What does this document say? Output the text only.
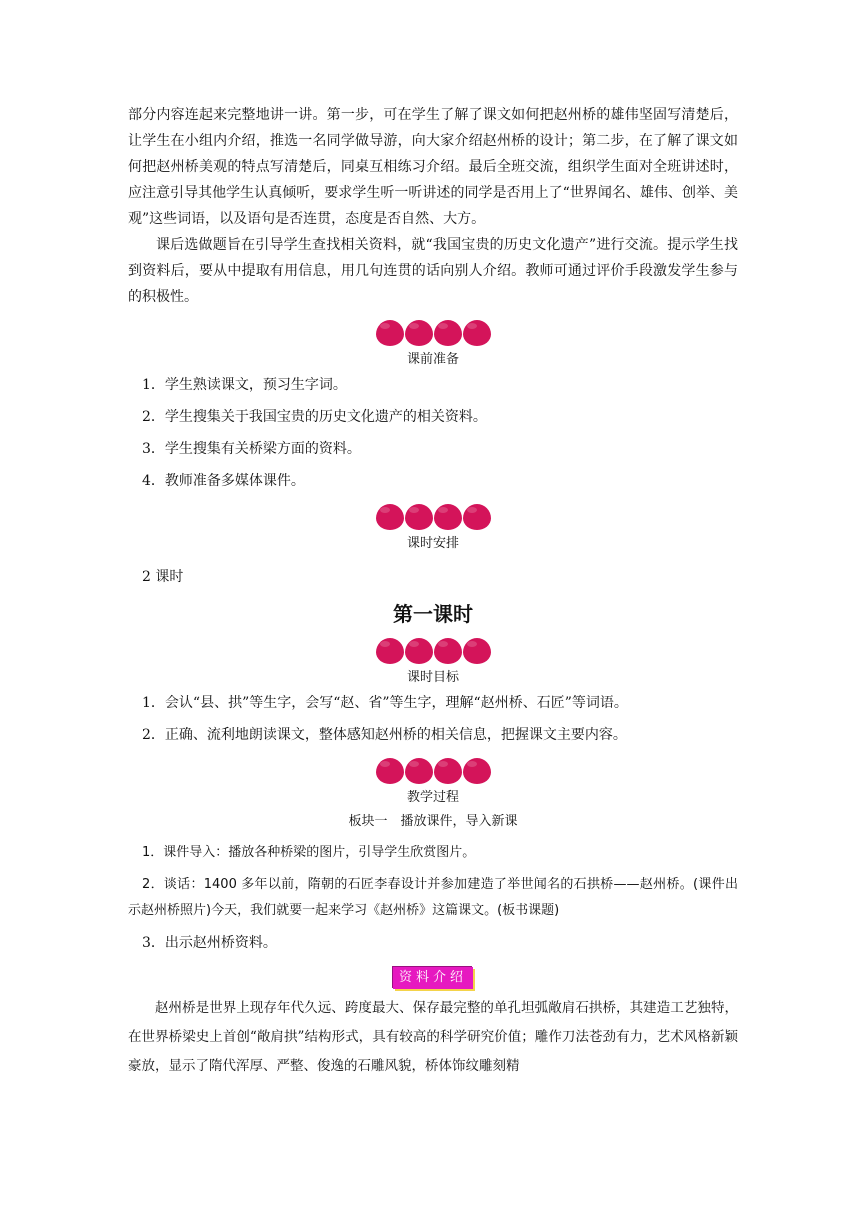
部分内容连起来完整地讲一讲。第一步，可在学生了解了课文如何把赵州桥的雄伟坚固写清楚后，让学生在小组内介绍，推选一名同学做导游，向大家介绍赵州桥的设计；第二步，在了解了课文如何把赵州桥美观的特点写清楚后，同桌互相练习介绍。最后全班交流，组织学生面对全班讲述时，应注意引导其他学生认真倾听，要求学生听一听讲述的同学是否用上了“世界闻名、雄伟、创举、美观”这些词语，以及语句是否连贯，态度是否自然、大方。

课后选做题旨在引导学生查找相关资料，就“我国宝贵的历史文化遗产”进行交流。提示学生找到资料后，要从中提取有用信息，用几句连贯的话向别人介绍。教师可通过评价手段激发学生参与的积极性。

课前准备

1．学生熟读课文，预习生字词。

2．学生搜集关于我国宝贵的历史文化遗产的相关资料。

3．学生搜集有关桥梁方面的资料。

4．教师准备多媒体课件。

课时安排

2 课时

第一课时
课时目标

1．会认“县、拱”等生字，会写“赵、省”等生字，理解“赵州桥、石匠”等词语。

2．正确、流利地朗读课文，整体感知赵州桥的相关信息，把握课文主要内容。

教学过程
板块一　播放课件，导入新课

1．课件导入：播放各种桥梁的图片，引导学生欣赏图片。

2．谈话：1400 多年以前，隋朝的石匠李春设计并参加建造了举世闻名的石拱桥——赵州桥。(课件出示赵州桥照片)今天，我们就要一起来学习《赵州桥》这篇课文。(板书课题)

3．出示赵州桥资料。

资料介绍

赵州桥是世界上现存年代久远、跨度最大、保存最完整的单孔坦弧敞肩石拱桥，其建造工艺独特，在世界桥梁史上首创“敞肩拱”结构形式，具有较高的科学研究价值；雕作刀法苍劲有力，艺术风格新颖豪放，显示了隋代浑厚、严整、俊逸的石雕风貌，桥体饰纹雕刻精
